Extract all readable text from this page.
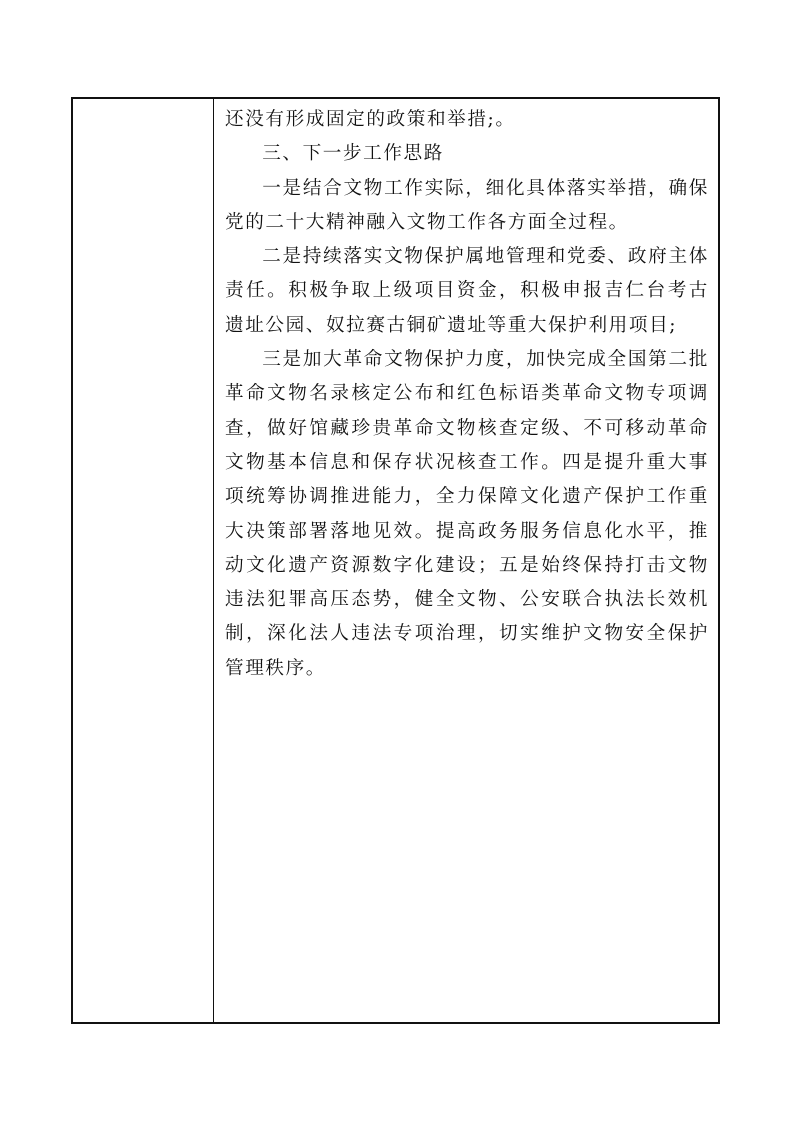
还没有形成固定的政策和举措;。

三、下一步工作思路

一是结合文物工作实际，细化具体落实举措，确保党的二十大精神融入文物工作各方面全过程。

二是持续落实文物保护属地管理和党委、政府主体责任。积极争取上级项目资金，积极申报吉仁台考古遗址公园、奴拉赛古铜矿遗址等重大保护利用项目;

三是加大革命文物保护力度，加快完成全国第二批革命文物名录核定公布和红色标语类革命文物专项调查，做好馆藏珍贵革命文物核查定级、不可移动革命文物基本信息和保存状况核查工作。四是提升重大事项统筹协调推进能力，全力保障文化遗产保护工作重大决策部署落地见效。提高政务服务信息化水平，推动文化遗产资源数字化建设；五是始终保持打击文物违法犯罪高压态势，健全文物、公安联合执法长效机制，深化法人违法专项治理，切实维护文物安全保护管理秩序。
